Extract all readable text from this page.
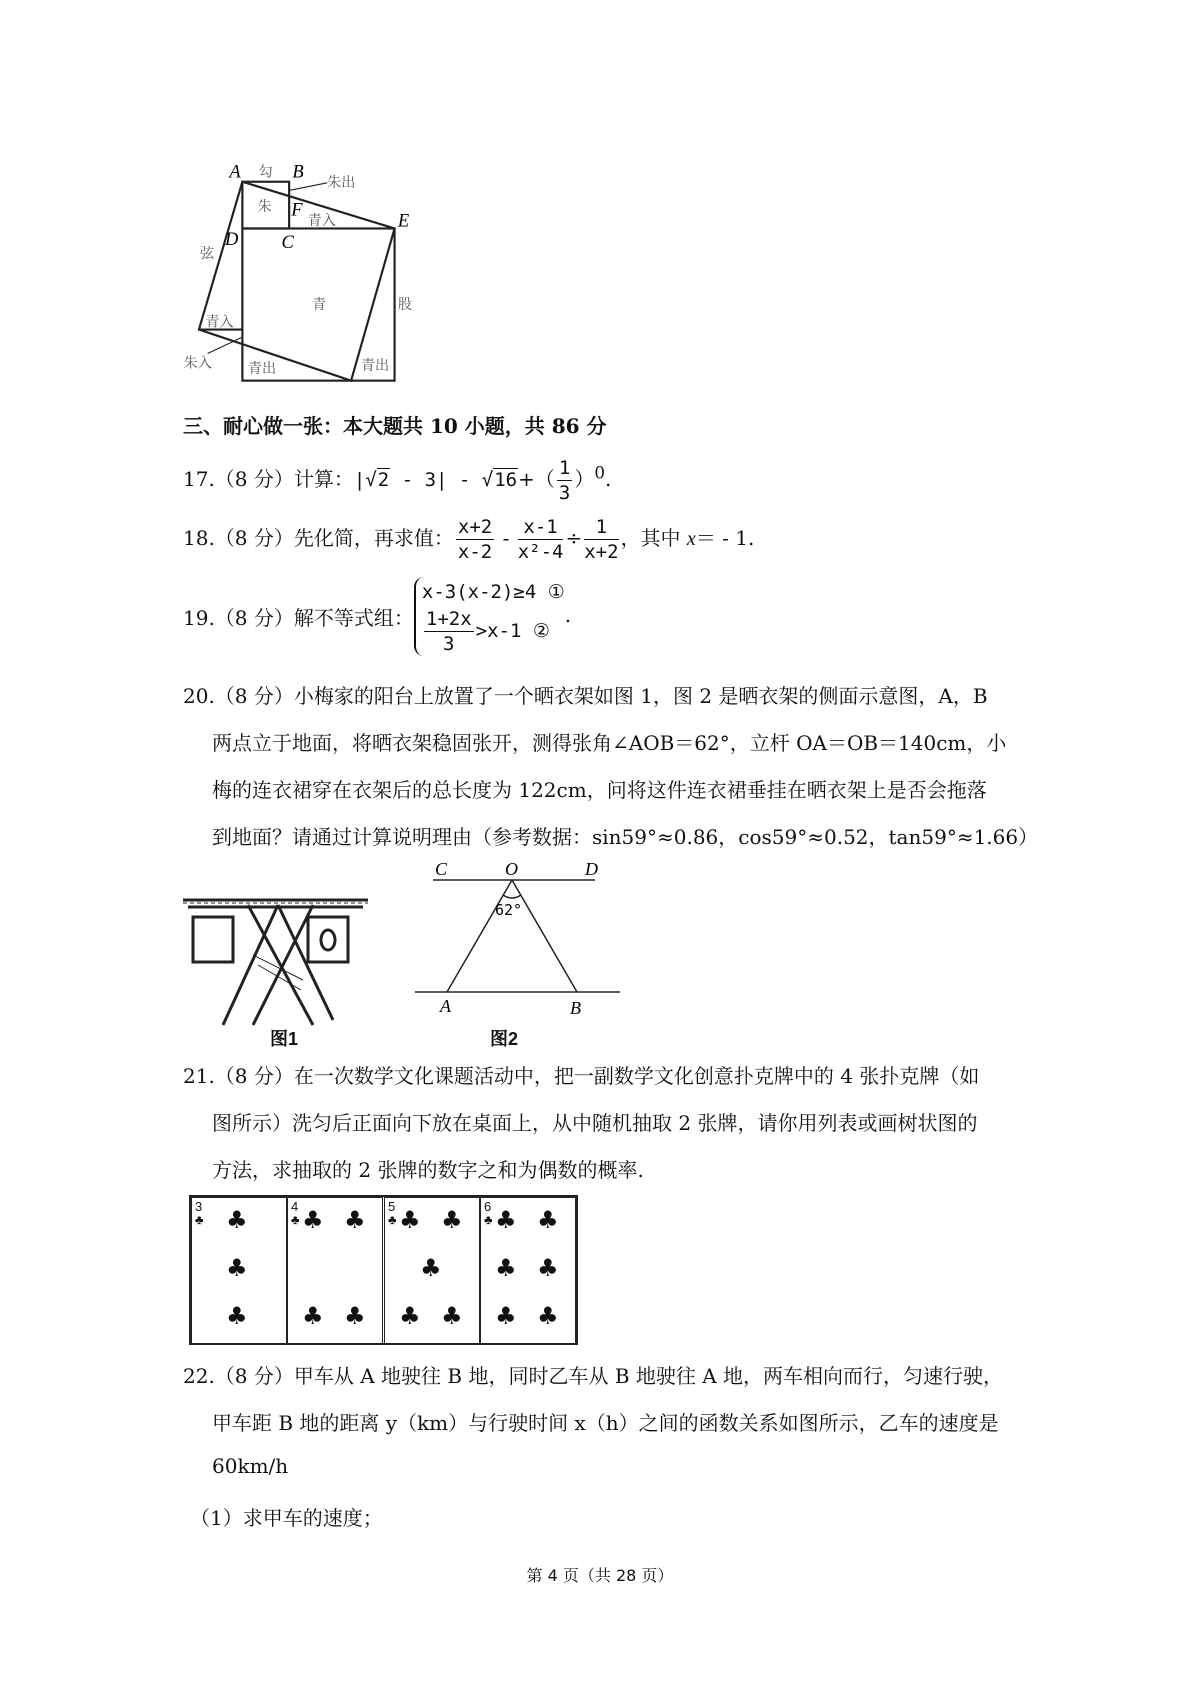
A	B
F
C
D
E
勾
朱出
朱
青入
弦
青	股
青入
朱入	青出	青出
三、耐心做一张：本大题共 10 小题，共 86 分
17.（8 分）计算：$|√2 - 3| - √16+( \frac{1}{3} )^0$.
18.（8 分）先化简，再求值： $\frac{x+2}{x-2} - \frac{x-1}{\text{x²-4}} \div \frac{1}{x+2}$ ，其中 x＝ - 1.
19.（8 分）解不等式组：
x-3(x-2)≥4 ①
$\frac{1+2x}{3} >x-1$ ②
.
20.（8 分）小梅家的阳台上放置了一个晒衣架如图 1，图 2 是晒衣架的侧面示意图，A，B
两点立于地面，将晒衣架稳固张开，测得张角∠AOB＝62°，立杆 OA＝OB＝140cm，小
梅的连衣裙穿在衣架后的总长度为 122cm，问将这件连衣裙垂挂在晒衣架上是否会拖落
到地面？请通过计算说明理由（参考数据：sin59°≈0.86，cos59°≈0.52，tan59°≈1.66）
图1
C	O	D
A	B
62°
图2
21.（8 分）在一次数学文化课题活动中，把一副数学文化创意扑克牌中的 4 张扑克牌（如
图所示）洗匀后正面向下放在桌面上，从中随机抽取 2 张牌，请你用列表或画树状图的
方法，求抽取的 2 张牌的数字之和为偶数的概率.
3
♣ ♣
♣
♣
4
♣ ♣ ♣
♣ ♣
5
♣ ♣ ♣
♣
♣ ♣
6
♣ ♣ ♣
♣ ♣
♣ ♣
22.（8 分）甲车从 A 地驶往 B 地，同时乙车从 B 地驶往 A 地，两车相向而行，匀速行驶，
甲车距 B 地的距离 y（km）与行驶时间 x（h）之间的函数关系如图所示，乙车的速度是
60km/h
（1）求甲车的速度；
第 4 页（共 28 页）
